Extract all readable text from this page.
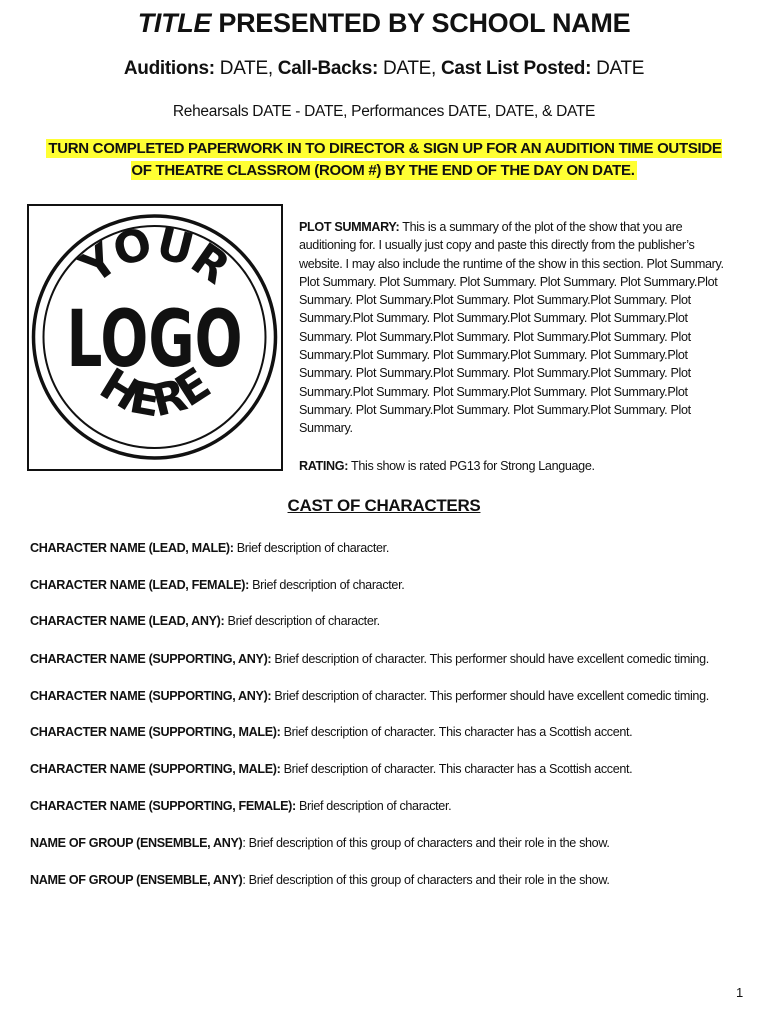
TITLE PRESENTED BY SCHOOL NAME
Auditions: DATE, Call-Backs: DATE, Cast List Posted: DATE
Rehearsals DATE - DATE, Performances DATE, DATE, & DATE
TURN COMPLETED PAPERWORK IN TO DIRECTOR & SIGN UP FOR AN AUDITION TIME OUTSIDE OF THEATRE CLASSROM (ROOM #) BY THE END OF THE DAY ON DATE.
YOUR
LOGO
HERE
PLOT SUMMARY: This is a summary of the plot of the show that you are auditioning for. I usually just copy and paste this directly from the publisher’s website. I may also include the runtime of the show in this section. Plot Summary. Plot Summary. Plot Summary. Plot Summary. Plot Summary. Plot Summary.Plot Summary. Plot Summary.Plot Summary. Plot Summary.Plot Summary. Plot Summary.Plot Summary. Plot Summary.Plot Summary. Plot Summary.Plot Summary. Plot Summary.Plot Summary. Plot Summary.Plot Summary. Plot Summary.Plot Summary. Plot Summary.Plot Summary. Plot Summary.Plot Summary. Plot Summary.Plot Summary. Plot Summary.Plot Summary. Plot Summary.Plot Summary. Plot Summary.Plot Summary. Plot Summary.Plot Summary. Plot Summary.Plot Summary. Plot Summary.Plot Summary. Plot Summary.
RATING: This show is rated PG13 for Strong Language.
CAST OF CHARACTERS
CHARACTER NAME (LEAD, MALE): Brief description of character.
CHARACTER NAME (LEAD, FEMALE): Brief description of character.
CHARACTER NAME (LEAD, ANY): Brief description of character.
CHARACTER NAME (SUPPORTING, ANY): Brief description of character. This performer should have excellent comedic timing.
CHARACTER NAME (SUPPORTING, ANY): Brief description of character. This performer should have excellent comedic timing.
CHARACTER NAME (SUPPORTING, MALE): Brief description of character. This character has a Scottish accent.
CHARACTER NAME (SUPPORTING, MALE): Brief description of character. This character has a Scottish accent.
CHARACTER NAME (SUPPORTING, FEMALE): Brief description of character.
NAME OF GROUP (ENSEMBLE, ANY): Brief description of this group of characters and their role in the show.
NAME OF GROUP (ENSEMBLE, ANY): Brief description of this group of characters and their role in the show.
1
